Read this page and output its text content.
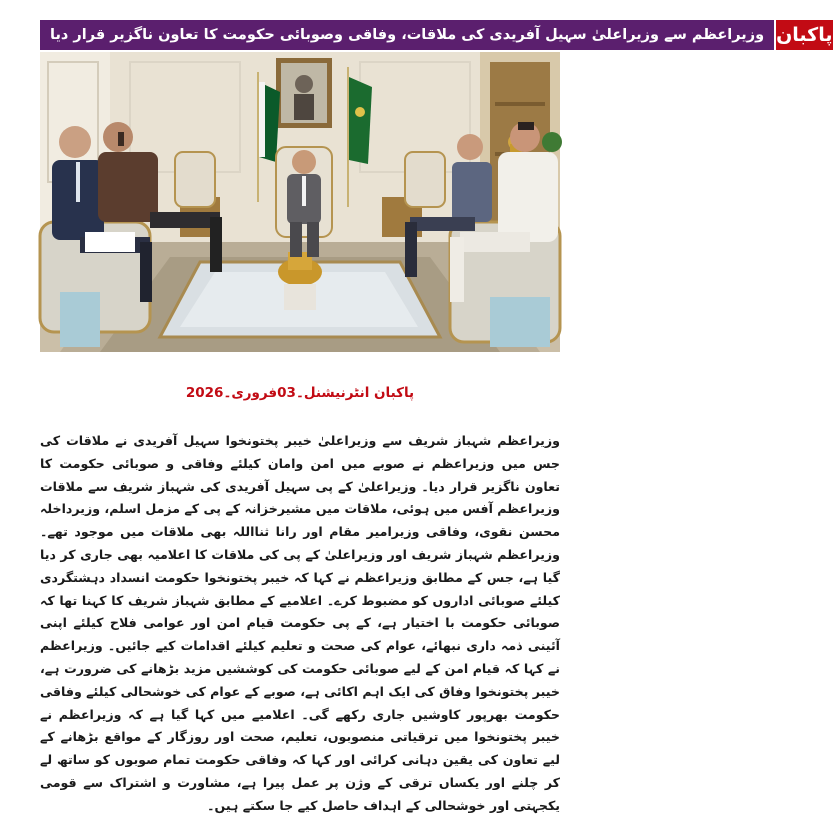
وزیراعظم سے وزیراعلیٰ سہیل آفریدی کی ملاقات، وفاقی وصوبائی حکومت کا تعاون ناگزیر قرار دیا پاکبان
پاکبان انٹرنیشنل۔03فروری۔2026
وزیراعظم شہباز شریف سے وزیراعلیٰ خیبر پختونخوا سہیل آفریدی نے ملاقات کی جس میں وزیراعظم نے صوبے میں امن وامان کیلئے وفاقی و صوبائی حکومت کا تعاون ناگزیر قرار دیا۔ وزیراعلیٰ کے پی سہیل آفریدی کی شہباز شریف سے ملاقات وزیراعظم آفس میں ہوئی، ملاقات میں مشیرخزانہ کے پی کے مزمل اسلم، وزیرداخلہ محسن نقوی، وفاقی وزیرامیر مقام اور رانا ثنااللہ بھی ملاقات میں موجود تھے۔ وزیراعظم شہباز شریف اور وزیراعلیٰ کے پی کی ملاقات کا اعلامیہ بھی جاری کر دیا گیا ہے، جس کے مطابق وزیراعظم نے کہا کہ خیبر پختونخوا حکومت انسداد دہشتگردی کیلئے صوبائی اداروں کو مضبوط کرے۔ اعلامیے کے مطابق شہباز شریف کا کہنا تھا کہ صوبائی حکومت با اختیار ہے، کے پی حکومت قیام امن اور عوامی فلاح کیلئے اپنی آئینی ذمہ داری نبھائے، عوام کی صحت و تعلیم کیلئے اقدامات کیے جائیں۔ وزیراعظم نے کہا کہ قیام امن کے لیے صوبائی حکومت کی کوششیں مزید بڑھانے کی ضرورت ہے، خیبر پختونخوا وفاق کی ایک اہم اکائی ہے، صوبے کے عوام کی خوشحالی کیلئے وفاقی حکومت بھرپور کاوشیں جاری رکھے گی۔ اعلامیے میں کہا گیا ہے کہ وزیراعظم نے خیبر پختونخوا میں ترقیاتی منصوبوں، تعلیم، صحت اور روزگار کے مواقع بڑھانے کے لیے تعاون کی یقین دہانی کرائی اور کہا کہ وفاقی حکومت تمام صوبوں کو ساتھ لے کر چلنے اور یکساں ترقی کے وژن پر عمل پیرا ہے، مشاورت و اشتراک سے قومی یکجہتی اور خوشحالی کے اہداف حاصل کیے جا سکتے ہیں۔
